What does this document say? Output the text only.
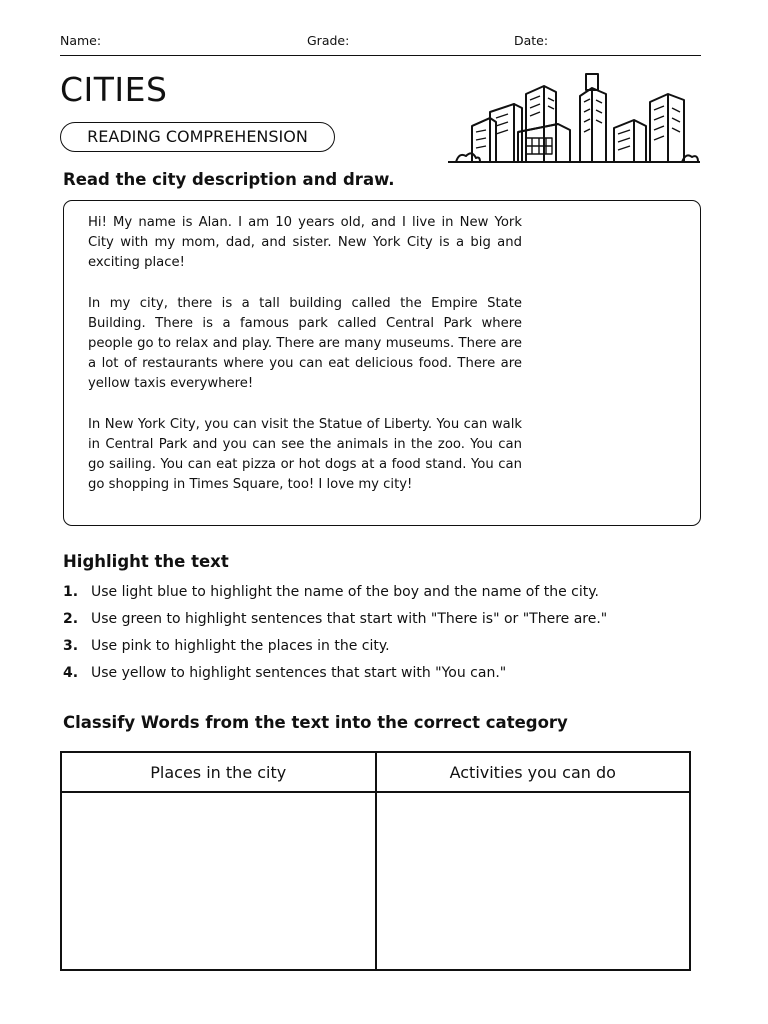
Name:	Grade:	Date:
CITIES
READING COMPREHENSION
Read the city description and draw.

Hi! My name is Alan. I am 10 years old, and I live in New York City with my mom, dad, and sister. New York City is a big and exciting place!

In my city, there is a tall building called the Empire State Building. There is a famous park called Central Park where people go to relax and play. There are many museums. There are a lot of restaurants where you can eat delicious food. There are yellow taxis everywhere!

In New York City, you can visit the Statue of Liberty. You can walk in Central Park and you can see the animals in the zoo. You can go sailing. You can eat pizza or hot dogs at a food stand. You can go shopping in Times Square, too! I love my city!

Highlight the text
1. Use light blue to highlight the name of the boy and the name of the city.
2. Use green to highlight sentences that start with "There is" or "There are."
3. Use pink to highlight the places in the city.
4. Use yellow to highlight sentences that start with "You can."
Classify Words from the text into the correct category
Places in the city	Activities you can do
